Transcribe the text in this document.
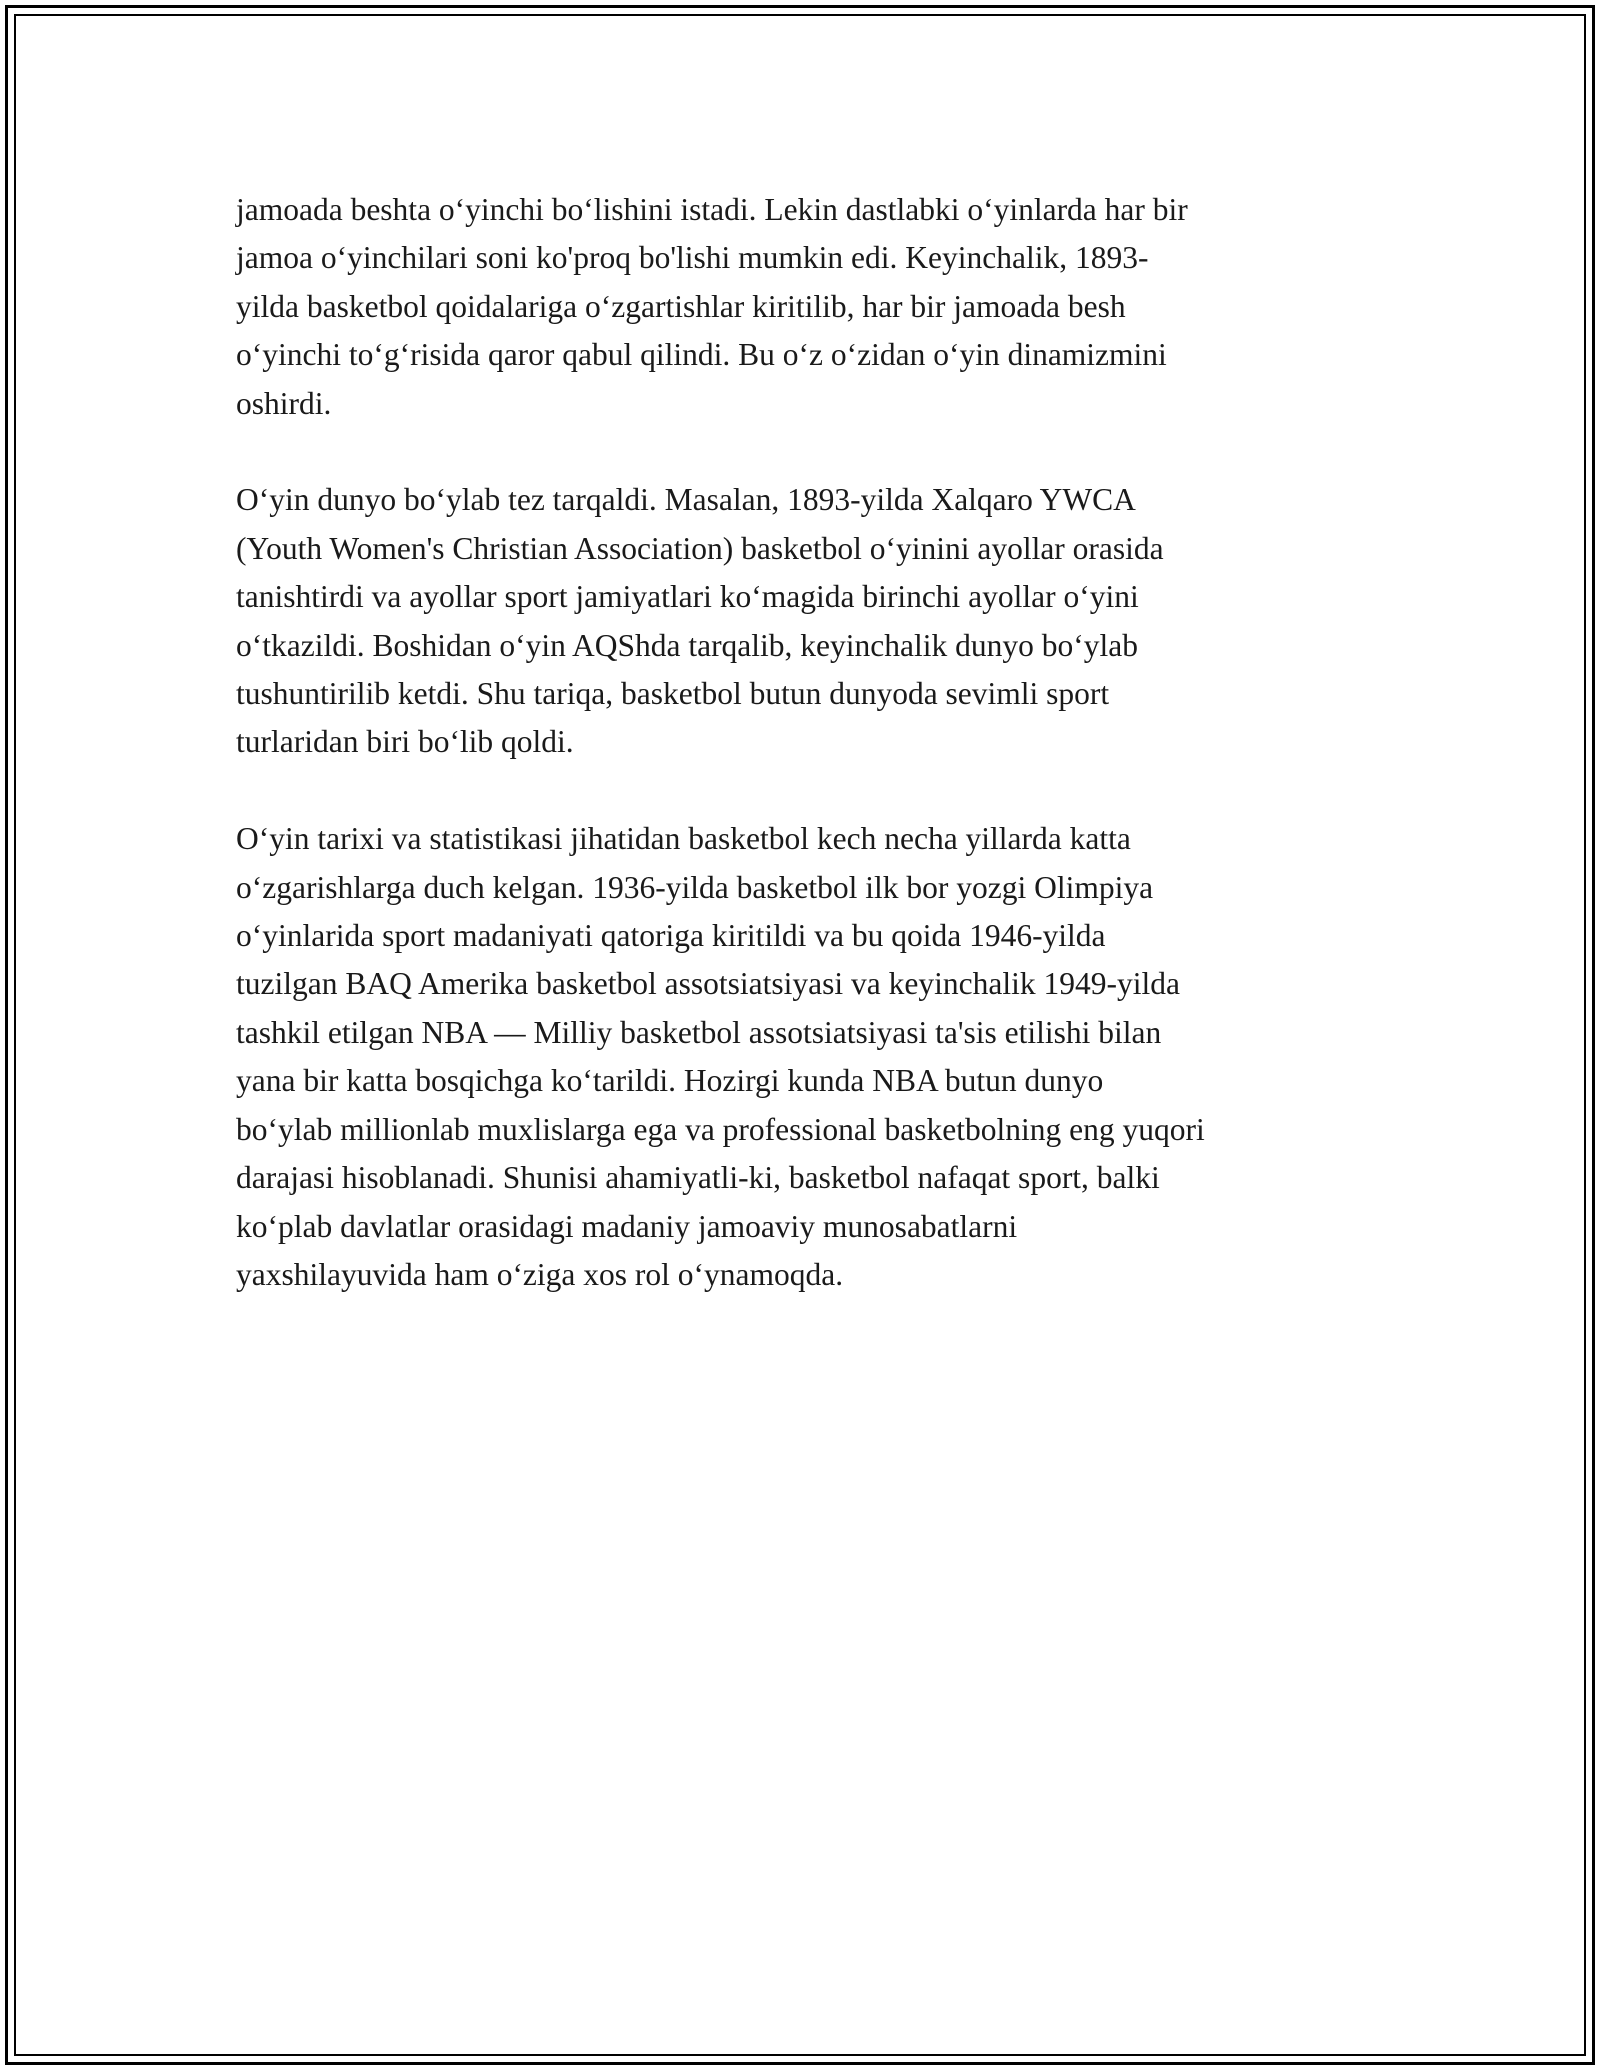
jamoada beshta o‘yinchi bo‘lishini istadi. Lekin dastlabki o‘yinlarda har bir
jamoa o‘yinchilari soni ko'proq bo'lishi mumkin edi. Keyinchalik, 1893-
yilda basketbol qoidalariga o‘zgartishlar kiritilib, har bir jamoada besh
o‘yinchi to‘g‘risida qaror qabul qilindi. Bu o‘z o‘zidan o‘yin dinamizmini
oshirdi.

O‘yin dunyo bo‘ylab tez tarqaldi. Masalan, 1893-yilda Xalqaro YWCA
(Youth Women's Christian Association) basketbol o‘yinini ayollar orasida
tanishtirdi va ayollar sport jamiyatlari ko‘magida birinchi ayollar o‘yini
o‘tkazildi. Boshidan o‘yin AQShda tarqalib, keyinchalik dunyo bo‘ylab
tushuntirilib ketdi. Shu tariqa, basketbol butun dunyoda sevimli sport
turlaridan biri bo‘lib qoldi.

O‘yin tarixi va statistikasi jihatidan basketbol kech necha yillarda katta
o‘zgarishlarga duch kelgan. 1936-yilda basketbol ilk bor yozgi Olimpiya
o‘yinlarida sport madaniyati qatoriga kiritildi va bu qoida 1946-yilda
tuzilgan BAQ Amerika basketbol assotsiatsiyasi va keyinchalik 1949-yilda
tashkil etilgan NBA — Milliy basketbol assotsiatsiyasi ta'sis etilishi bilan
yana bir katta bosqichga ko‘tarildi. Hozirgi kunda NBA butun dunyo
bo‘ylab millionlab muxlislarga ega va professional basketbolning eng yuqori
darajasi hisoblanadi. Shunisi ahamiyatli-ki, basketbol nafaqat sport, balki
ko‘plab davlatlar orasidagi madaniy jamoaviy munosabatlarni
yaxshilayuvida ham o‘ziga xos rol o‘ynamoqda.
